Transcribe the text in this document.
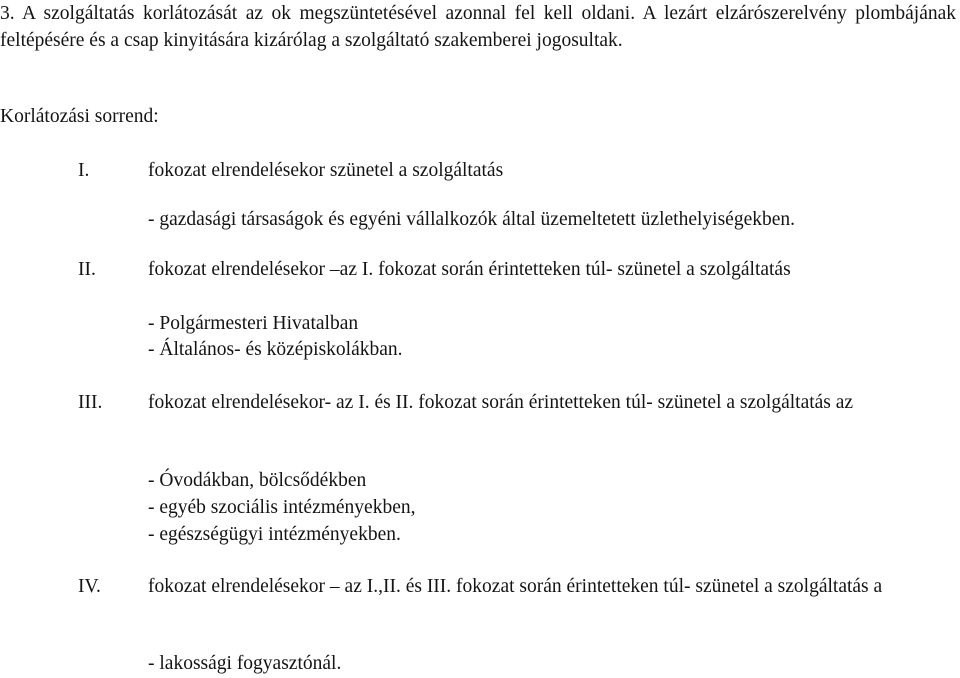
3. A szolgáltatás korlátozását az ok megszüntetésével azonnal fel kell oldani. A lezárt elzárószerelvény plombájának feltépésére és a csap kinyitására kizárólag a szolgáltató szakemberei jogosultak.
Korlátozási sorrend:
I.	fokozat elrendelésekor szünetel a szolgáltatás
- gazdasági társaságok és egyéni vállalkozók által üzemeltetett üzlethelyiségekben.
II.	fokozat elrendelésekor –az I. fokozat során érintetteken túl- szünetel a szolgáltatás
- Polgármesteri Hivatalban
- Általános- és középiskolákban.
III. fokozat elrendelésekor- az I. és II. fokozat során érintetteken túl- szünetel a szolgáltatás az
- Óvodákban, bölcsődékben
- egyéb szociális intézményekben,
- egészségügyi intézményekben.
IV. fokozat elrendelésekor – az I.,II. és III. fokozat során érintetteken túl- szünetel a szolgáltatás a
- lakossági fogyasztónál.
